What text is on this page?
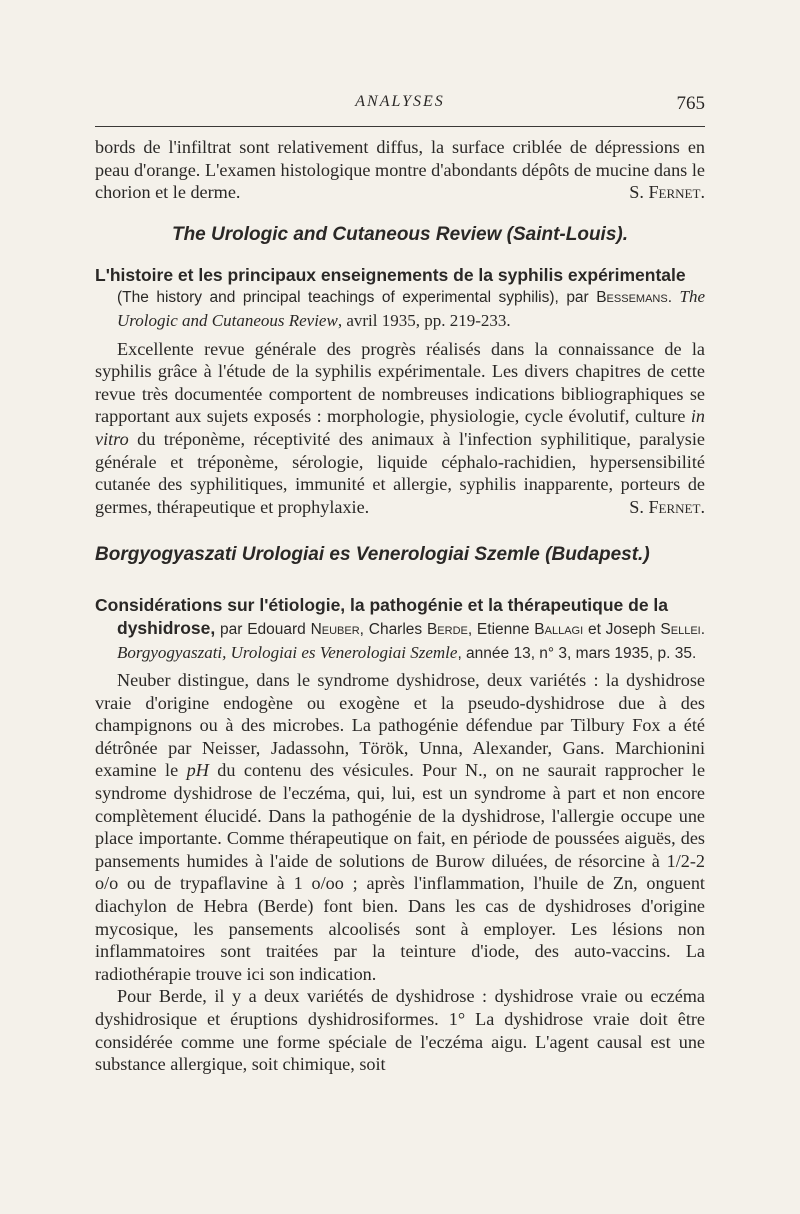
ANALYSES	765

bords de l'infiltrat sont relativement diffus, la surface criblée de dépressions en peau d'orange. L'examen histologique montre d'abondants dépôts de mucine dans le chorion et le derme.	S. Fernet.

The Urologic and Cutaneous Review (Saint-Louis).
L'histoire et les principaux enseignements de la syphilis expérimentale
(The history and principal teachings of experimental syphilis), par Bessemans. The Urologic and Cutaneous Review, avril 1935, pp. 219-233.

Excellente revue générale des progrès réalisés dans la connaissance de la syphilis grâce à l'étude de la syphilis expérimentale. Les divers chapitres de cette revue très documentée comportent de nombreuses indications bibliographiques se rapportant aux sujets exposés : morphologie, physiologie, cycle évolutif, culture in vitro du tréponème, réceptivité des animaux à l'infection syphilitique, paralysie générale et tréponème, sérologie, liquide céphalo-rachidien, hypersensibilité cutanée des syphilitiques, immunité et allergie, syphilis inapparente, porteurs de germes, thérapeutique et prophylaxie.	S. Fernet.

Borgyogyaszati Urologiai es Venerologiai Szemle (Budapest.)
Considérations sur l'étiologie, la pathogénie et la thérapeutique de la
dyshidrose, par Edouard Neuber, Charles Berde, Etienne Ballagi et Joseph Sellei. Borgyogyaszati, Urologiai es Venerologiai Szemle, année 13, n° 3, mars 1935, p. 35.

Neuber distingue, dans le syndrome dyshidrose, deux variétés : la dyshidrose vraie d'origine endogène ou exogène et la pseudo-dyshidrose due à des champignons ou à des microbes. La pathogénie défendue par Tilbury Fox a été détrônée par Neisser, Jadassohn, Török, Unna, Alexander, Gans. Marchionini examine le pH du contenu des vésicules. Pour N., on ne saurait rapprocher le syndrome dyshidrose de l'eczéma, qui, lui, est un syndrome à part et non encore complètement élucidé. Dans la pathogénie de la dyshidrose, l'allergie occupe une place importante. Comme thérapeutique on fait, en période de poussées aiguës, des pansements humides à l'aide de solutions de Burow diluées, de résorcine à 1/2-2 o/o ou de trypaflavine à 1 o/oo ; après l'inflammation, l'huile de Zn, onguent diachylon de Hebra (Berde) font bien. Dans les cas de dyshidroses d'origine mycosique, les pansements alcoolisés sont à employer. Les lésions non inflammatoires sont traitées par la teinture d'iode, des auto-vaccins. La radiothérapie trouve ici son indication.

Pour Berde, il y a deux variétés de dyshidrose : dyshidrose vraie ou eczéma dyshidrosique et éruptions dyshidrosiformes. 1° La dyshidrose vraie doit être considérée comme une forme spéciale de l'eczéma aigu. L'agent causal est une substance allergique, soit chimique, soit
